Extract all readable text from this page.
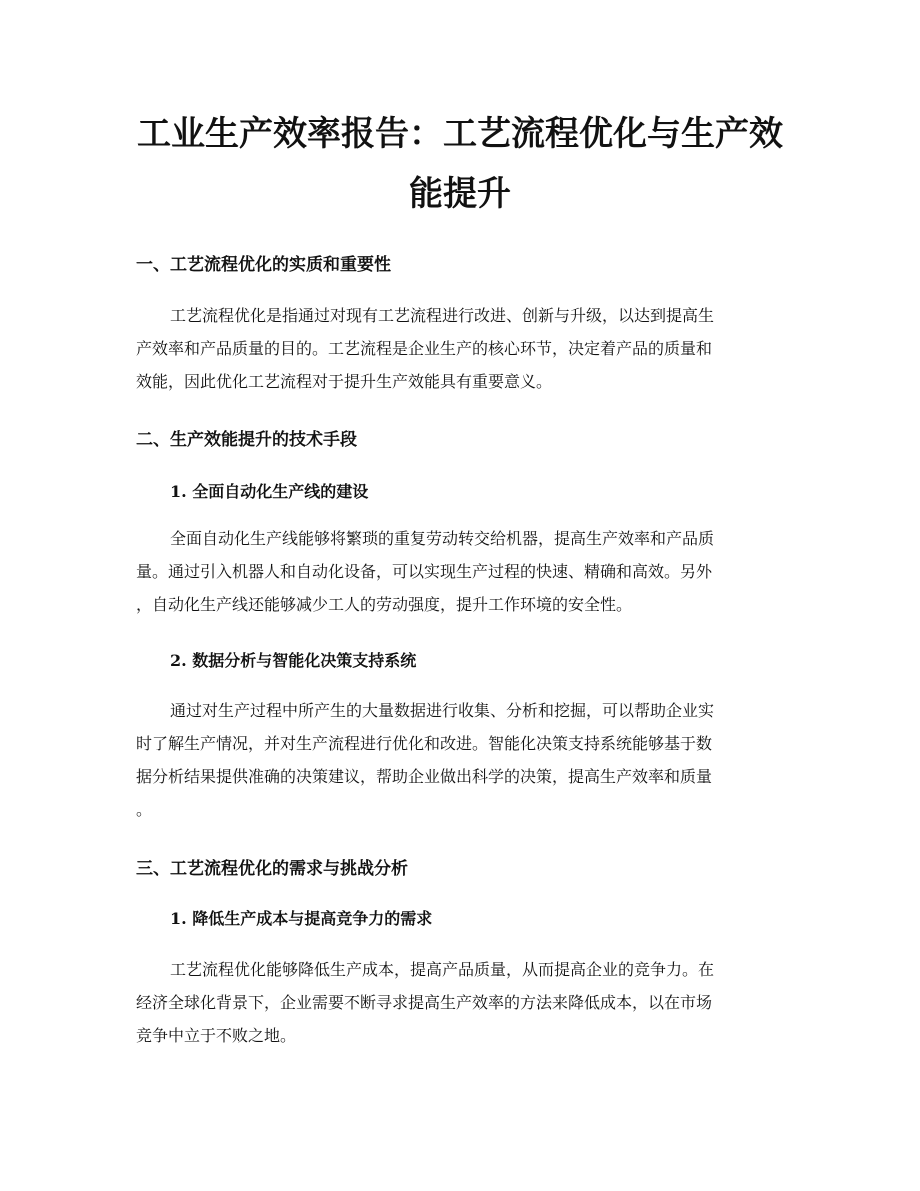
工业生产效率报告：工艺流程优化与生产效
能提升
一、工艺流程优化的实质和重要性
工艺流程优化是指通过对现有工艺流程进行改进、创新与升级，以达到提高生
产效率和产品质量的目的。工艺流程是企业生产的核心环节，决定着产品的质量和
效能，因此优化工艺流程对于提升生产效能具有重要意义。
二、生产效能提升的技术手段
1. 全面自动化生产线的建设
全面自动化生产线能够将繁琐的重复劳动转交给机器，提高生产效率和产品质
量。通过引入机器人和自动化设备，可以实现生产过程的快速、精确和高效。另外
，自动化生产线还能够减少工人的劳动强度，提升工作环境的安全性。
2. 数据分析与智能化决策支持系统
通过对生产过程中所产生的大量数据进行收集、分析和挖掘，可以帮助企业实
时了解生产情况，并对生产流程进行优化和改进。智能化决策支持系统能够基于数
据分析结果提供准确的决策建议，帮助企业做出科学的决策，提高生产效率和质量
。
三、工艺流程优化的需求与挑战分析
1. 降低生产成本与提高竞争力的需求
工艺流程优化能够降低生产成本，提高产品质量，从而提高企业的竞争力。在
经济全球化背景下，企业需要不断寻求提高生产效率的方法来降低成本，以在市场
竞争中立于不败之地。
